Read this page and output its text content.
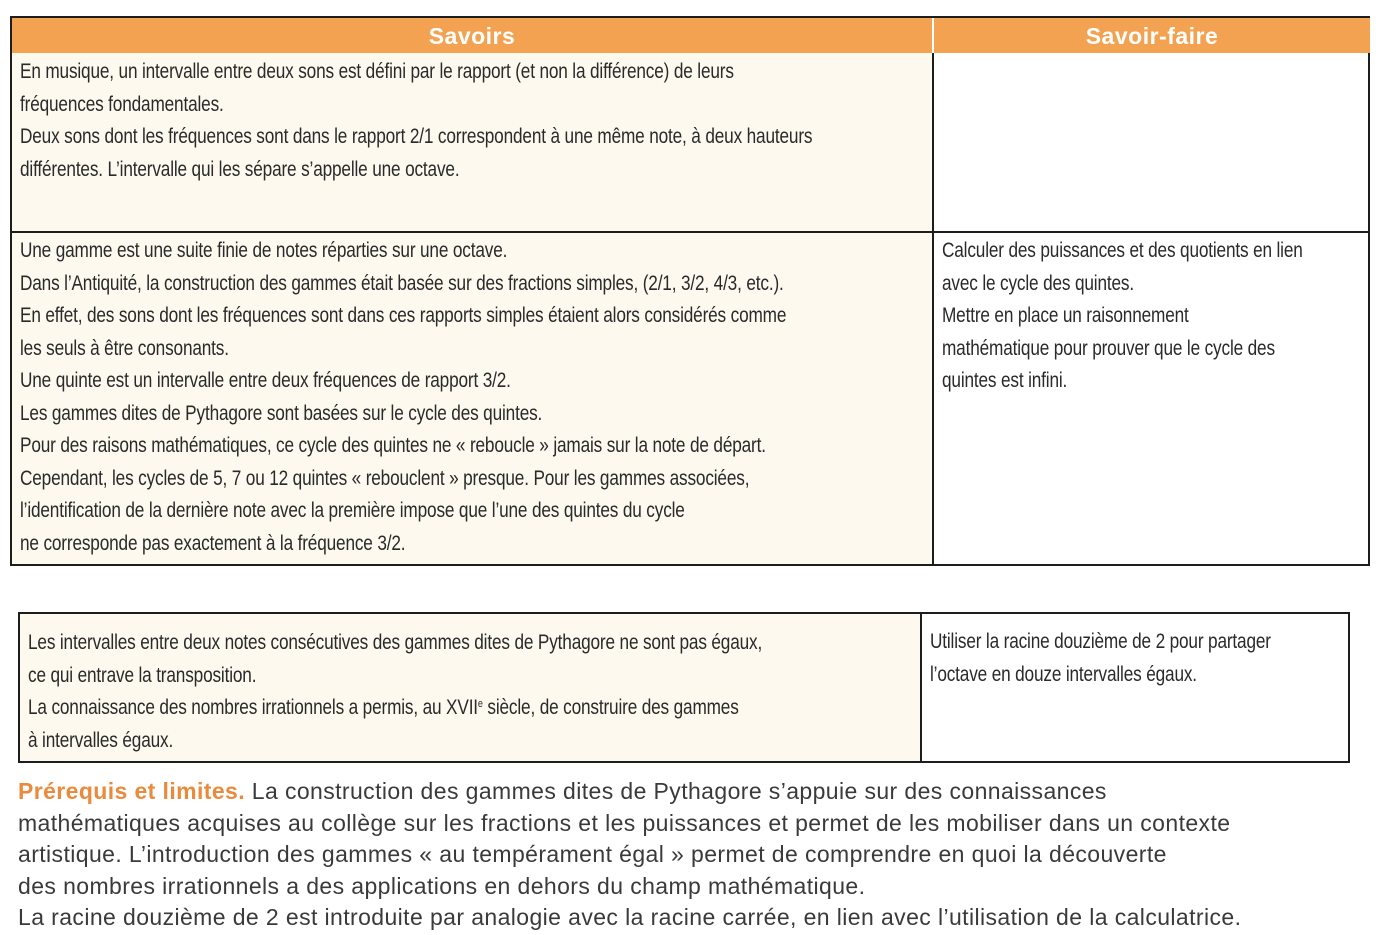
Savoirs	Savoir-faire
En musique, un intervalle entre deux sons est défini par le rapport (et non la différence) de leurs
fréquences fondamentales.
Deux sons dont les fréquences sont dans le rapport 2/1 correspondent à une même note, à deux hauteurs
différentes. L’intervalle qui les sépare s’appelle une octave.
Une gamme est une suite finie de notes réparties sur une octave.
Dans l’Antiquité, la construction des gammes était basée sur des fractions simples, (2/1, 3/2, 4/3, etc.).
En effet, des sons dont les fréquences sont dans ces rapports simples étaient alors considérés comme
les seuls à être consonants.
Une quinte est un intervalle entre deux fréquences de rapport 3/2.
Les gammes dites de Pythagore sont basées sur le cycle des quintes.
Pour des raisons mathématiques, ce cycle des quintes ne « reboucle » jamais sur la note de départ.
Cependant, les cycles de 5, 7 ou 12 quintes « rebouclent » presque. Pour les gammes associées,
l’identification de la dernière note avec la première impose que l’une des quintes du cycle
ne corresponde pas exactement à la fréquence 3/2.
Calculer des puissances et des quotients en lien
avec le cycle des quintes.
Mettre en place un raisonnement
mathématique pour prouver que le cycle des
quintes est infini.
Les intervalles entre deux notes consécutives des gammes dites de Pythagore ne sont pas égaux,
ce qui entrave la transposition.
La connaissance des nombres irrationnels a permis, au XVIIe siècle, de construire des gammes
à intervalles égaux.
Utiliser la racine douzième de 2 pour partager
l’octave en douze intervalles égaux.
Prérequis et limites. La construction des gammes dites de Pythagore s’appuie sur des connaissances
mathématiques acquises au collège sur les fractions et les puissances et permet de les mobiliser dans un contexte
artistique. L’introduction des gammes « au tempérament égal » permet de comprendre en quoi la découverte
des nombres irrationnels a des applications en dehors du champ mathématique.
La racine douzième de 2 est introduite par analogie avec la racine carrée, en lien avec l’utilisation de la calculatrice.
